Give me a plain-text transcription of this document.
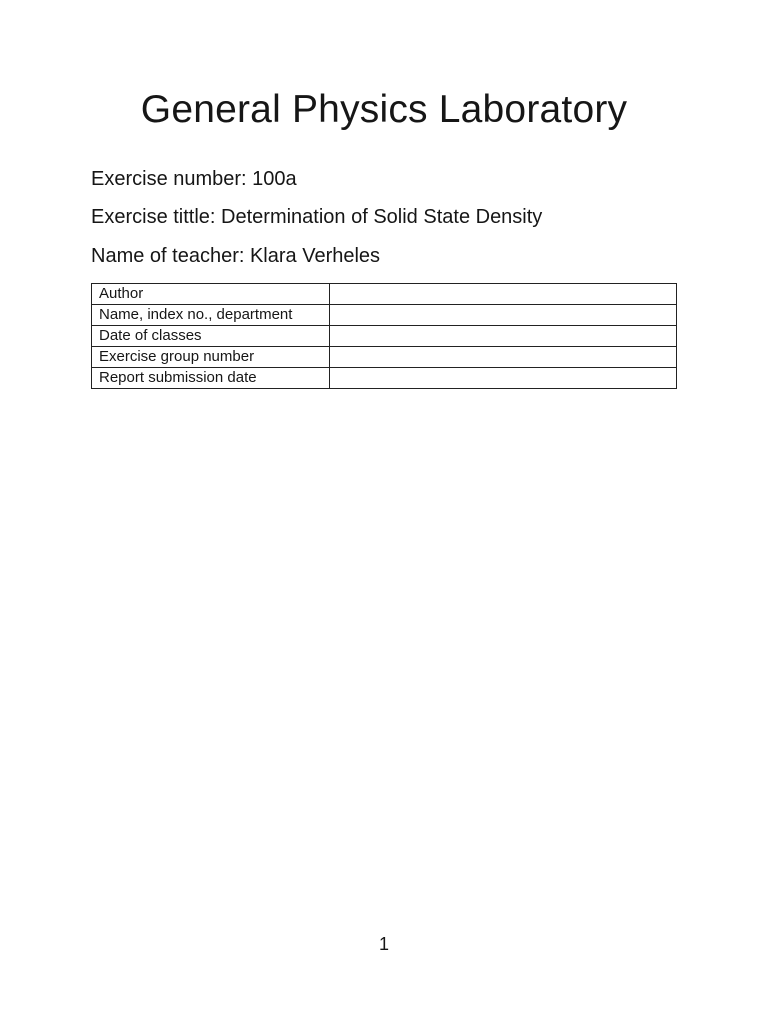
General Physics Laboratory
Exercise number: 100a
Exercise tittle: Determination of Solid State Density
Name of teacher: Klara Verheles
Author	
Name, index no., department	
Date of classes	
Exercise group number	
Report submission date	
1
